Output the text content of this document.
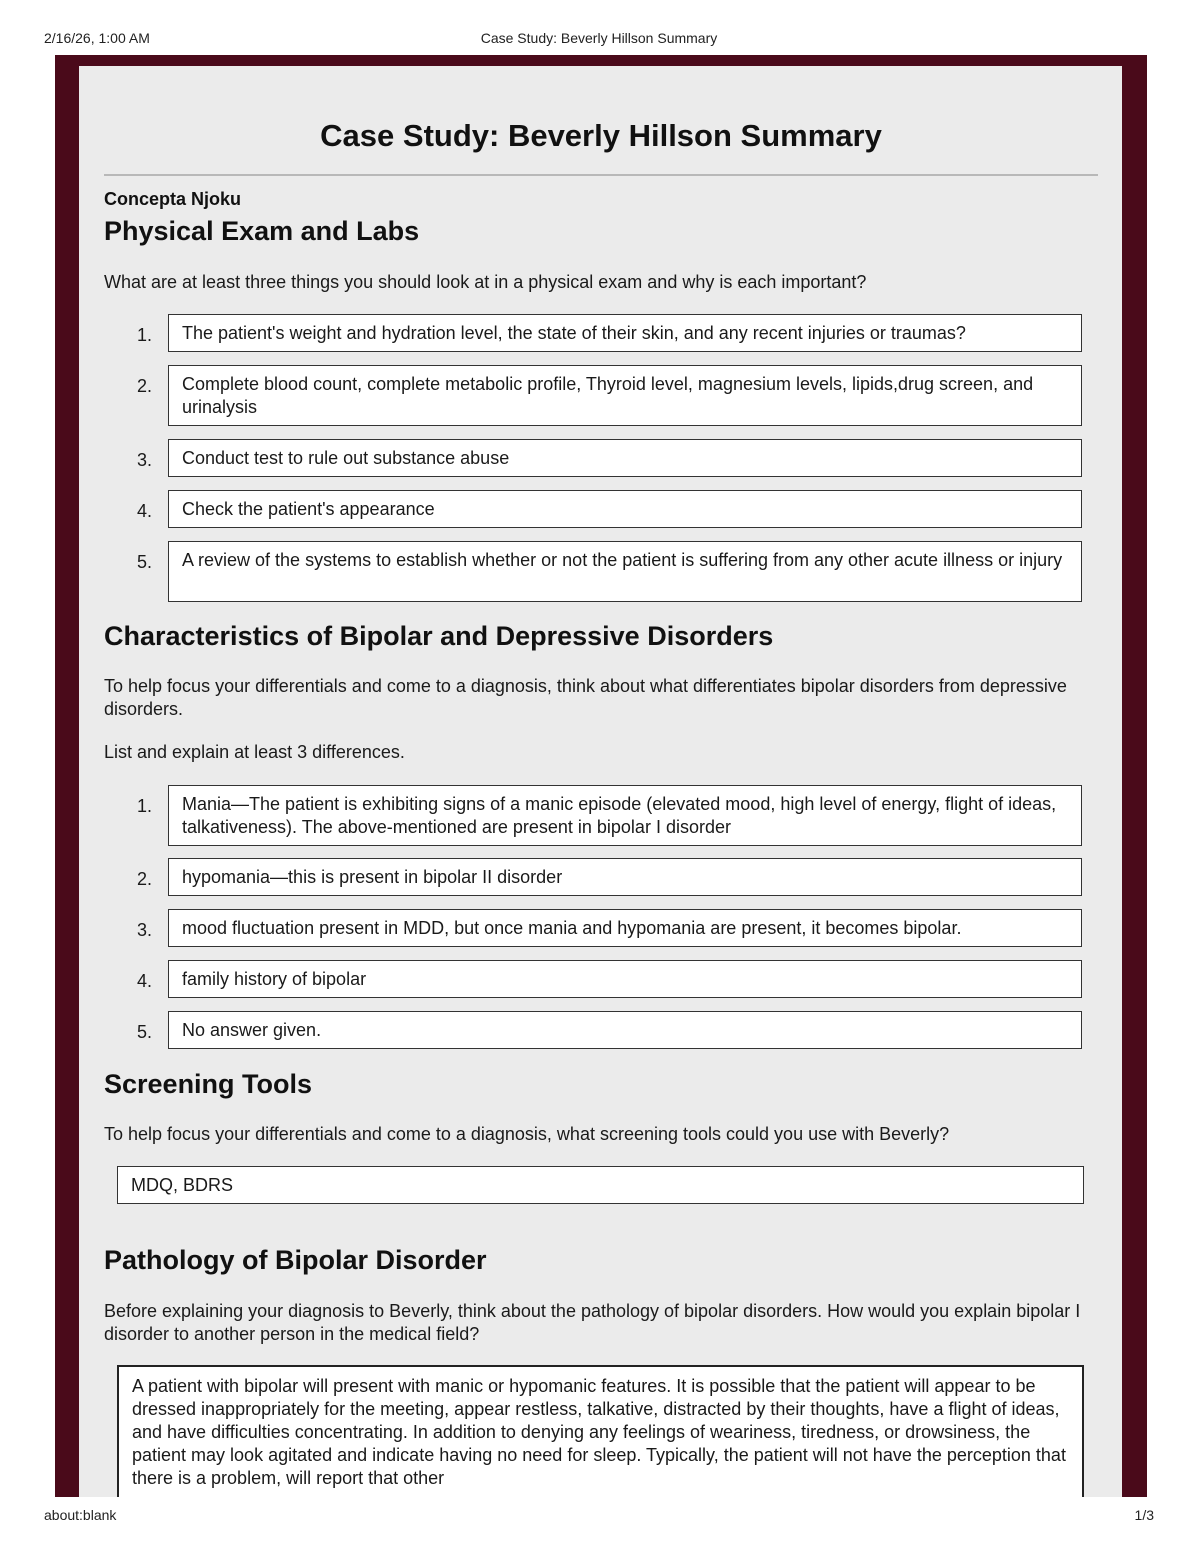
2/16/26, 1:00 AM	Case Study: Beverly Hillson Summary
Case Study: Beverly Hillson Summary
Concepta Njoku
Physical Exam and Labs

What are at least three things you should look at in a physical exam and why is each important?

1.	The patient's weight and hydration level, the state of their skin, and any recent injuries or traumas?
2.	Complete blood count, complete metabolic profile, Thyroid level, magnesium levels, lipids,drug screen, and urinalysis
3.	Conduct test to rule out substance abuse
4.	Check the patient's appearance
5.	A review of the systems to establish whether or not the patient is suffering from any other acute illness or injury
Characteristics of Bipolar and Depressive Disorders

To help focus your differentials and come to a diagnosis, think about what differentiates bipolar disorders from depressive disorders.

List and explain at least 3 differences.

1.	Mania—The patient is exhibiting signs of a manic episode (elevated mood, high level of energy, flight of ideas, talkativeness). The above-mentioned are present in bipolar I disorder
2.	hypomania—this is present in bipolar II disorder
3.	mood fluctuation present in MDD, but once mania and hypomania are present, it becomes bipolar.
4.	family history of bipolar
5.	No answer given.
Screening Tools

To help focus your differentials and come to a diagnosis, what screening tools could you use with Beverly?

MDQ, BDRS
Pathology of Bipolar Disorder

Before explaining your diagnosis to Beverly, think about the pathology of bipolar disorders. How would you explain bipolar I disorder to another person in the medical field?

A patient with bipolar will present with manic or hypomanic features. It is possible that the patient will appear to be dressed inappropriately for the meeting, appear restless, talkative, distracted by their thoughts, have a flight of ideas, and have difficulties concentrating. In addition to denying any feelings of weariness, tiredness, or drowsiness, the patient may look agitated and indicate having no need for sleep. Typically, the patient will not have the perception that there is a problem, will report that other
about:blank	1/3
